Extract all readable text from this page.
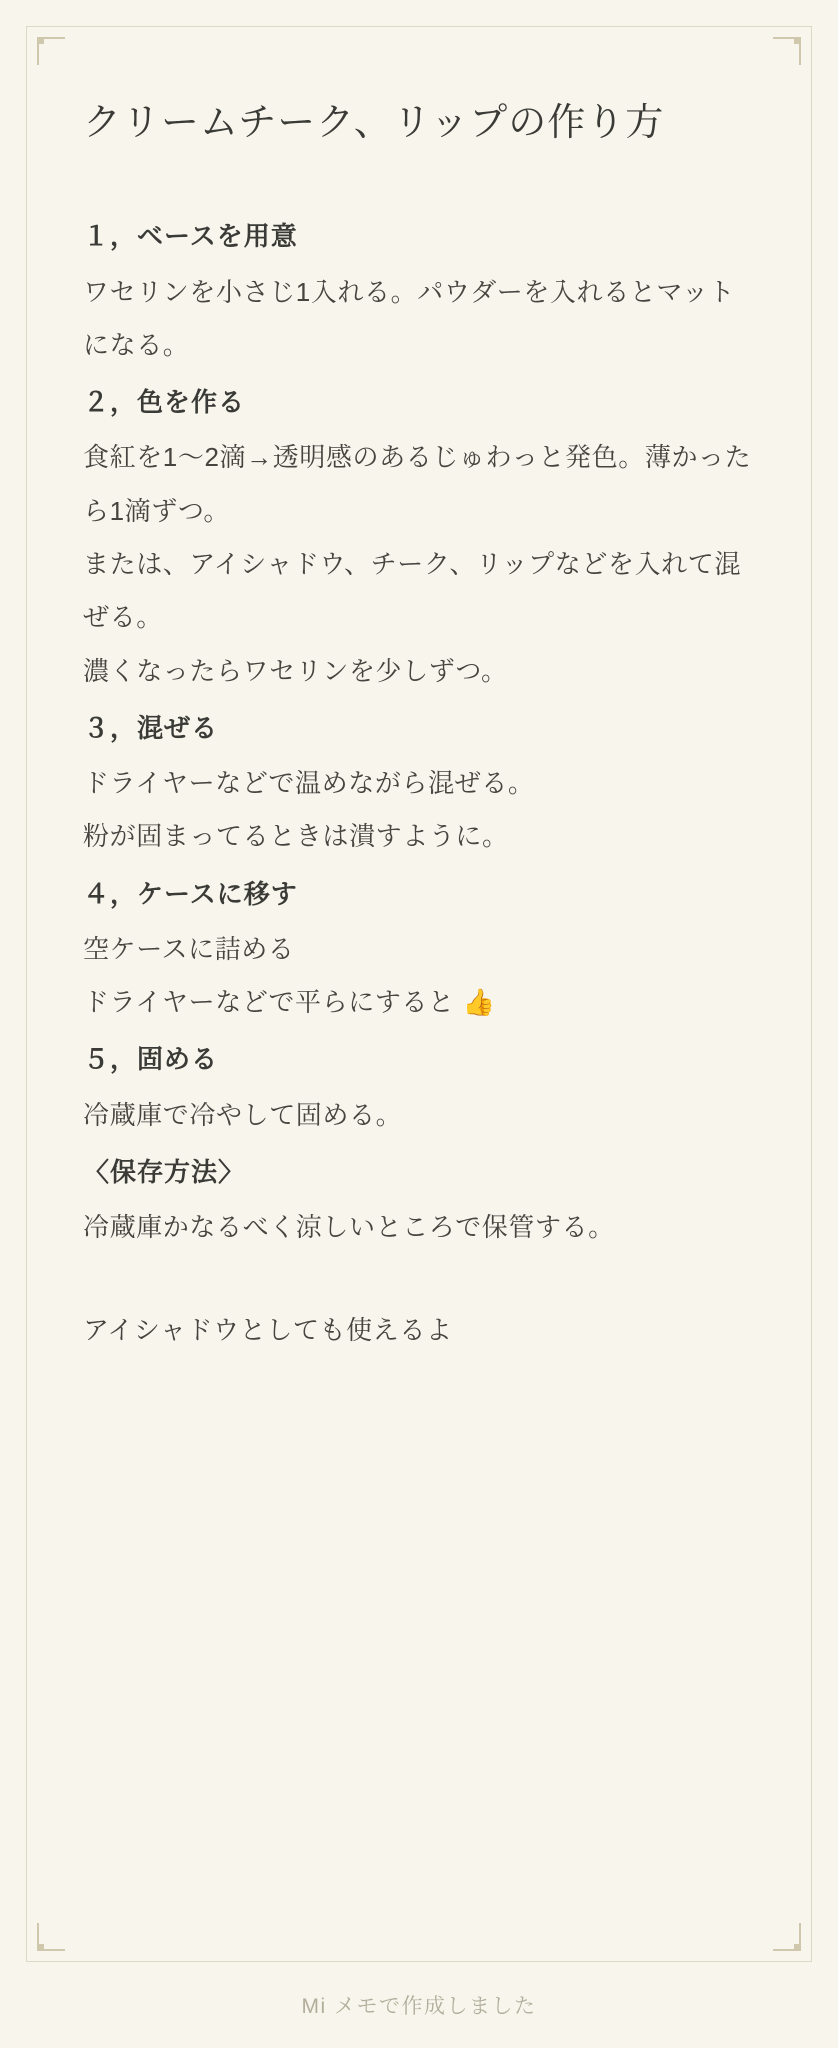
クリームチーク、リップの作り方

１，ベースを用意

ワセリンを小さじ1入れる。パウダーを入れるとマットになる。

２，色を作る

食紅を1〜2滴→透明感のあるじゅわっと発色。薄かったら1滴ずつ。

または、アイシャドウ、チーク、リップなどを入れて混ぜる。

濃くなったらワセリンを少しずつ。

３，混ぜる

ドライヤーなどで温めながら混ぜる。

粉が固まってるときは潰すように。

４，ケースに移す

空ケースに詰める

ドライヤーなどで平らにすると 👍

５，固める

冷蔵庫で冷やして固める。

〈保存方法〉

冷蔵庫かなるべく涼しいところで保管する。

アイシャドウとしても使えるよ

Mi メモで作成しました
